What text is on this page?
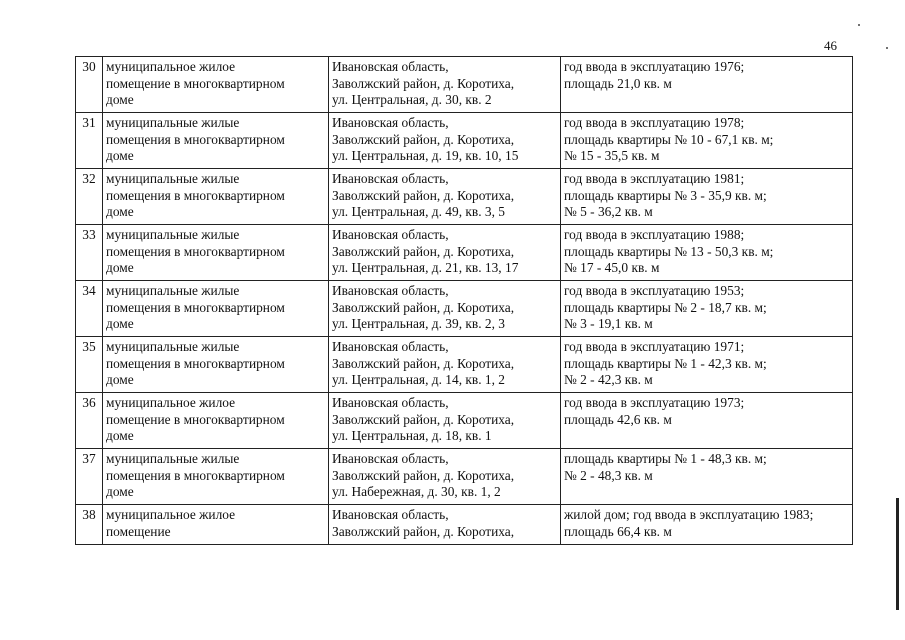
46
30	муниципальное жилое
помещение в многоквартирном
доме	Ивановская область,
Заволжский район, д. Коротиха,
ул. Центральная, д. 30, кв. 2	год ввода в эксплуатацию 1976;
площадь 21,0 кв. м

31	муниципальные жилые
помещения в многоквартирном
доме	Ивановская область,
Заволжский район, д. Коротиха,
ул. Центральная, д. 19, кв. 10, 15	год ввода в эксплуатацию 1978;
площадь квартиры № 10 - 67,1 кв. м;
№ 15 - 35,5 кв. м

32	муниципальные жилые
помещения в многоквартирном
доме	Ивановская область,
Заволжский район, д. Коротиха,
ул. Центральная, д. 49, кв. 3, 5	год ввода в эксплуатацию 1981;
площадь квартиры № 3 - 35,9 кв. м;
№ 5 - 36,2 кв. м

33	муниципальные жилые
помещения в многоквартирном
доме	Ивановская область,
Заволжский район, д. Коротиха,
ул. Центральная, д. 21, кв. 13, 17	год ввода в эксплуатацию 1988;
площадь квартиры № 13 - 50,3 кв. м;
№ 17 - 45,0 кв. м

34	муниципальные жилые
помещения в многоквартирном
доме	Ивановская область,
Заволжский район, д. Коротиха,
ул. Центральная, д. 39, кв. 2, 3	год ввода в эксплуатацию 1953;
площадь квартиры № 2 - 18,7 кв. м;
№ 3 - 19,1 кв. м

35	муниципальные жилые
помещения в многоквартирном
доме	Ивановская область,
Заволжский район, д. Коротиха,
ул. Центральная, д. 14, кв. 1, 2	год ввода в эксплуатацию 1971;
площадь квартиры № 1 - 42,3 кв. м;
№ 2 - 42,3 кв. м

36	муниципальное жилое
помещение в многоквартирном
доме	Ивановская область,
Заволжский район, д. Коротиха,
ул. Центральная, д. 18, кв. 1	год ввода в эксплуатацию 1973;
площадь 42,6 кв. м

37	муниципальные жилые
помещения в многоквартирном
доме	Ивановская область,
Заволжский район, д. Коротиха,
ул. Набережная, д. 30, кв. 1, 2	площадь квартиры № 1 - 48,3 кв. м;
№ 2 - 48,3 кв. м

38	муниципальное жилое
помещение	Ивановская область,
Заволжский район, д. Коротиха,	жилой дом; год ввода в эксплуатацию 1983;
площадь 66,4 кв. м
